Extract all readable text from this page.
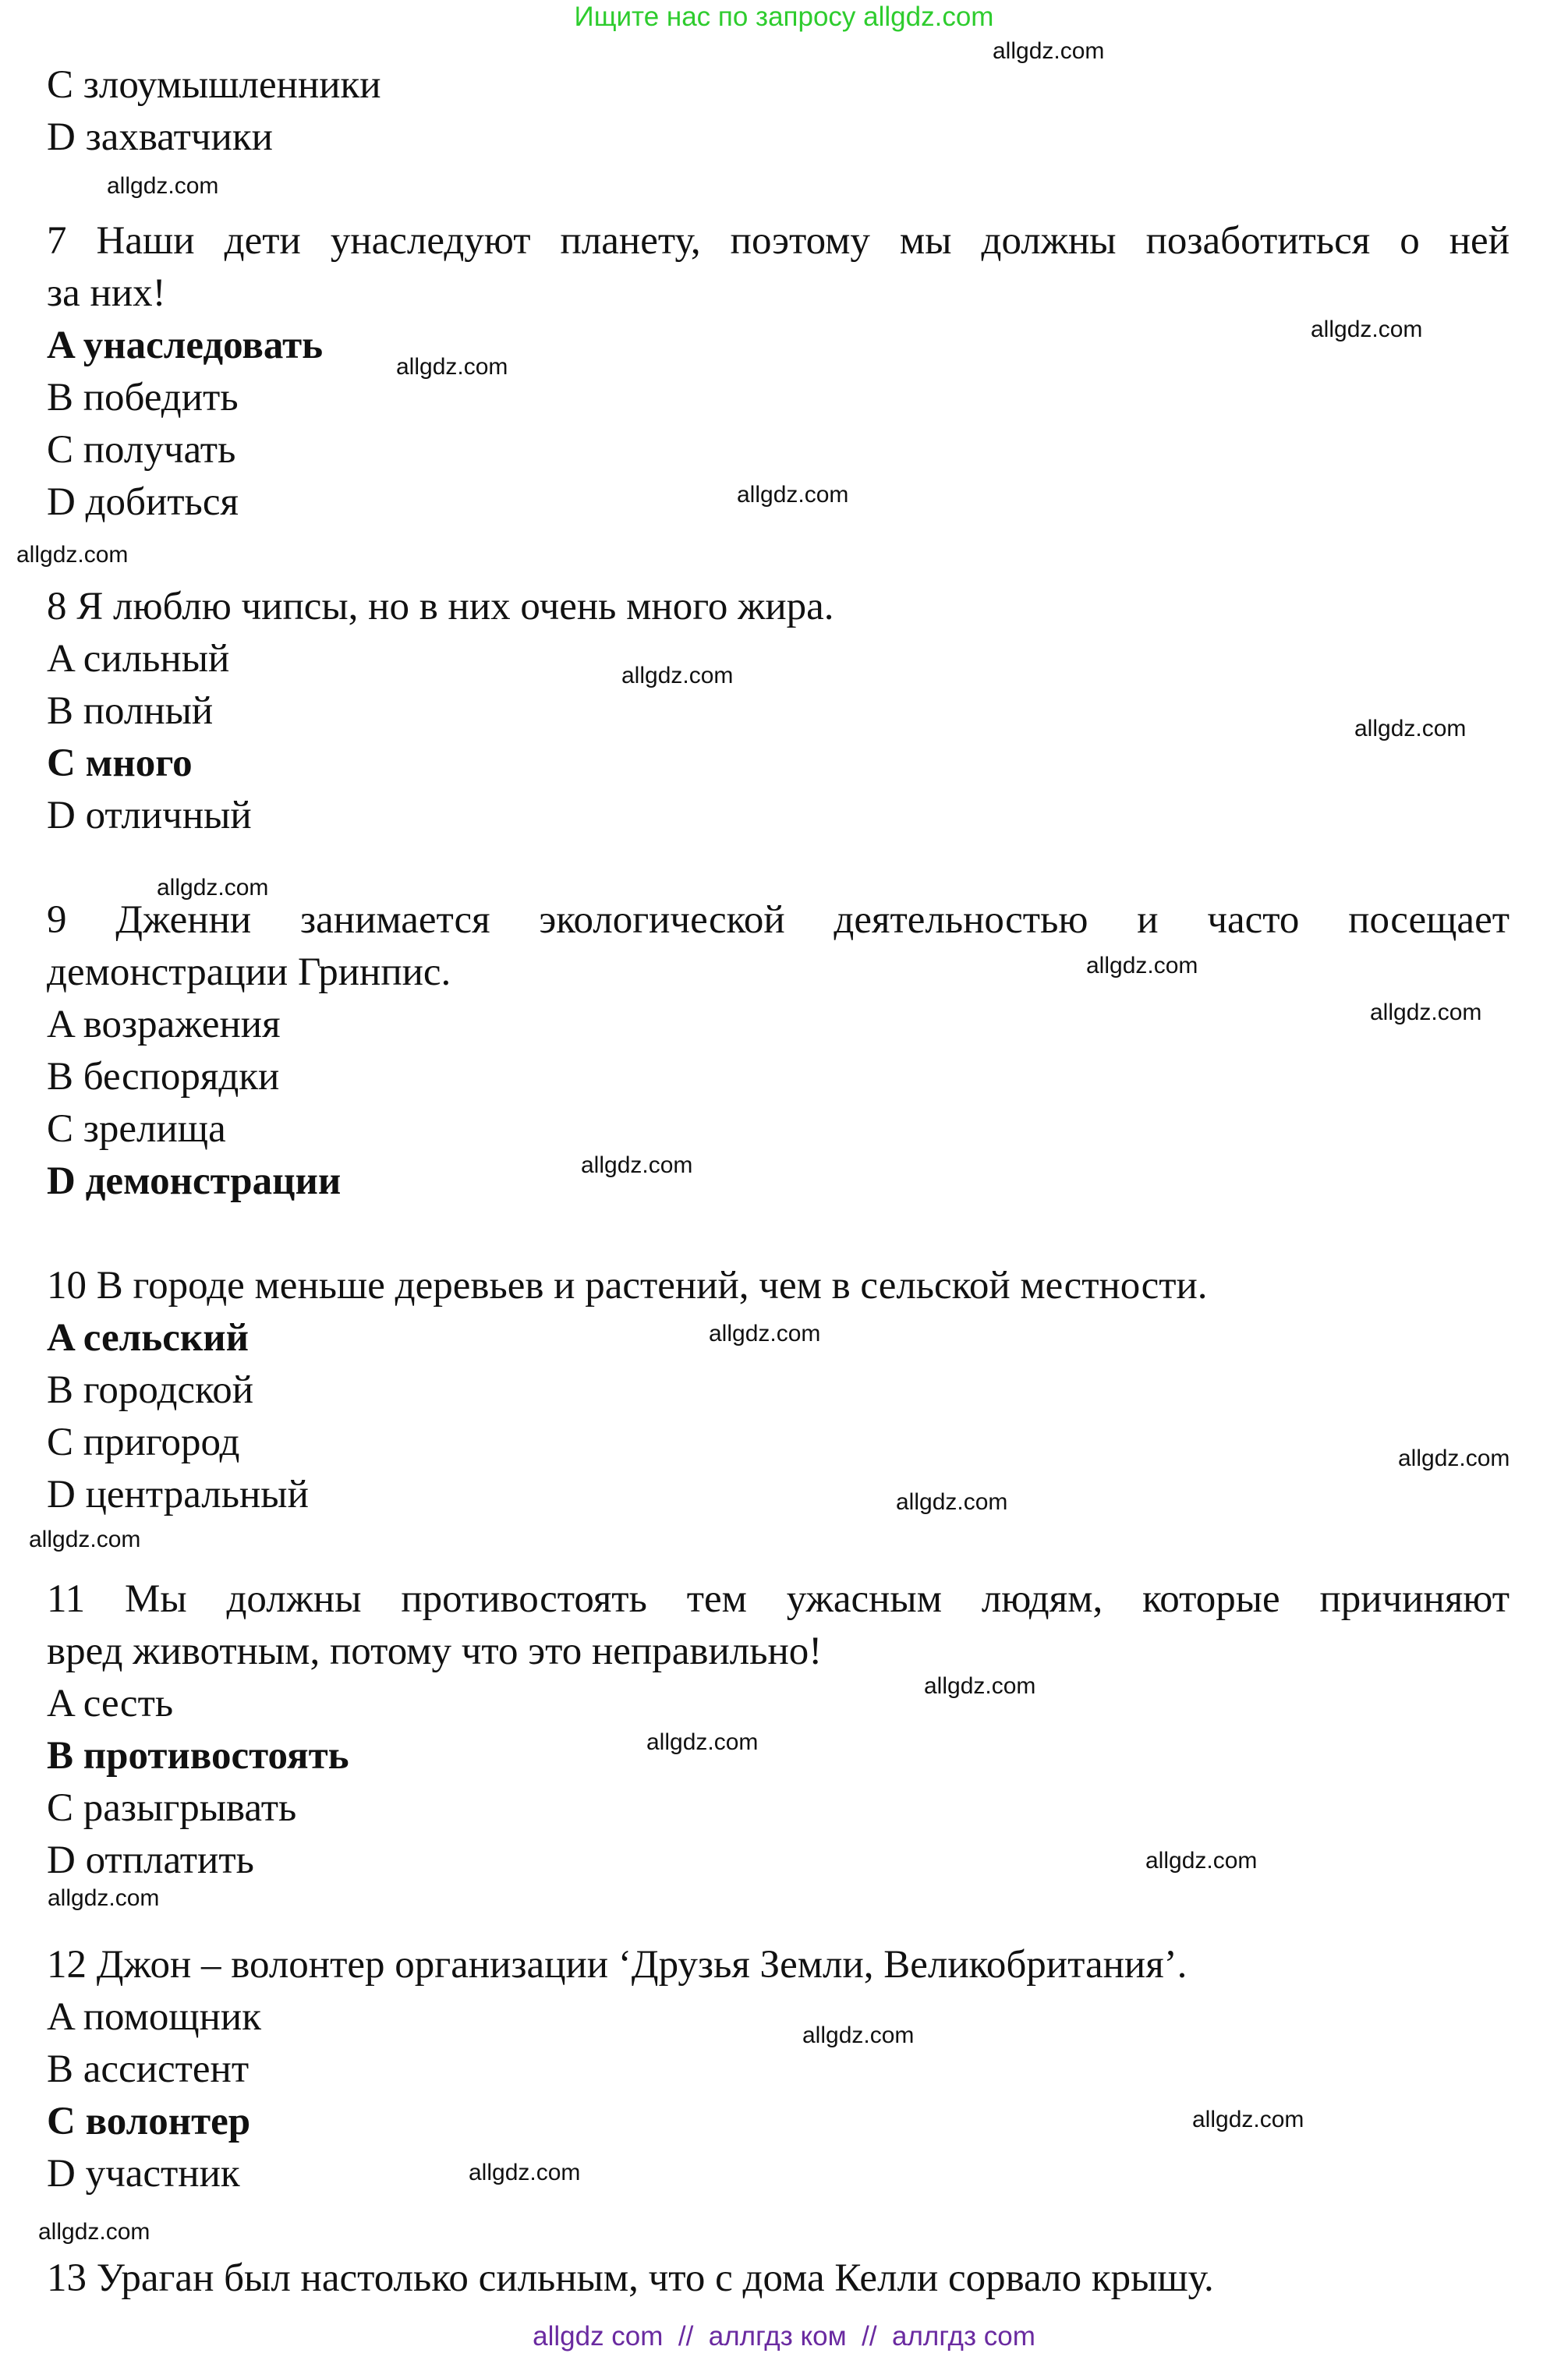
Ищите нас по запросу allgdz.com
C злоумышленники
D захватчики
7 Наши дети унаследуют планету, поэтому мы должны позаботиться о ней
за них!
A унаследовать
B победить
C получать
D добиться
8 Я люблю чипсы, но в них очень много жира.
A сильный
B полный
C много
D отличный
9 Дженни занимается экологической деятельностью и часто посещает
демонстрации Гринпис.
A возражения
B беспорядки
C зрелища
D демонстрации
10 В городе меньше деревьев и растений, чем в сельской местности.
A сельский
B городской
C пригород
D центральный
11 Мы должны противостоять тем ужасным людям, которые причиняют
вред животным, потому что это неправильно!
A сесть
B противостоять
C разыгрывать
D отплатить
12 Джон – волонтер организации ‘Друзья Земли, Великобритания’.
A помощник
B ассистент
C волонтер
D участник
13 Ураган был настолько сильным, что с дома Келли сорвало крышу.
allgdz.com
allgdz.com
allgdz.com
allgdz.com
allgdz.com
allgdz.com
allgdz.com
allgdz.com
allgdz.com
allgdz.com
allgdz.com
allgdz.com
allgdz.com
allgdz.com
allgdz.com
allgdz.com
allgdz.com
allgdz.com
allgdz.com
allgdz.com
allgdz.com
allgdz.com
allgdz.com
allgdz.com
allgdz com  //  аллгдз ком  //  аллгдз com
